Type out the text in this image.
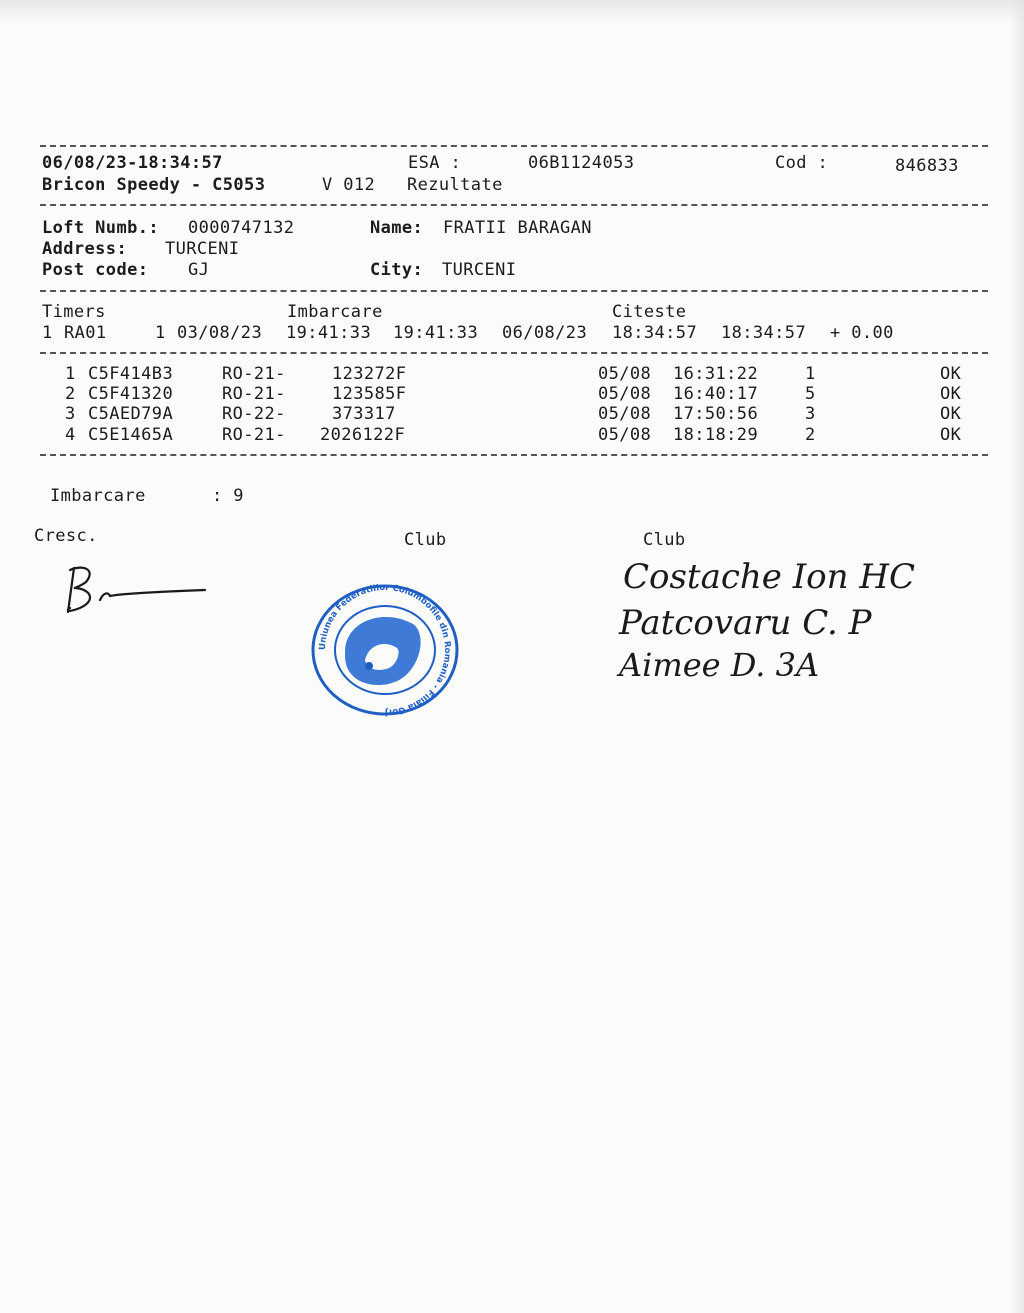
06/08/23-18:34:57	ESA :	06B1124053	Cod :	846833
Bricon Speedy - C5053	V 012 Rezultate
Loft Numb.: 0000747132	Name: FRATII BARAGAN
Address: TURCENI
Post code: GJ	City: TURCENI
Timers	Imbarcare	Citeste
1 RA01	1 03/08/23 19:41:33 19:41:33 06/08/23 18:34:57 18:34:57 + 0.00
1 C5F414B3	RO-21-	123272F	05/08 16:31:22	1	OK
2 C5F41320	RO-21-	123585F	05/08 16:40:17	5	OK
3 C5AED79A	RO-22-	373317	05/08 17:50:56	3	OK
4 C5E1465A	RO-21- 2026122F	05/08 18:18:29	2	OK
Imbarcare	: 9
Cresc.	Club	Club
Uniunea Federatiilor Columbofile din Romania - Filiala Gorj
Costache Ion HC
Patcovaru C. P
Aimee D. 3A
